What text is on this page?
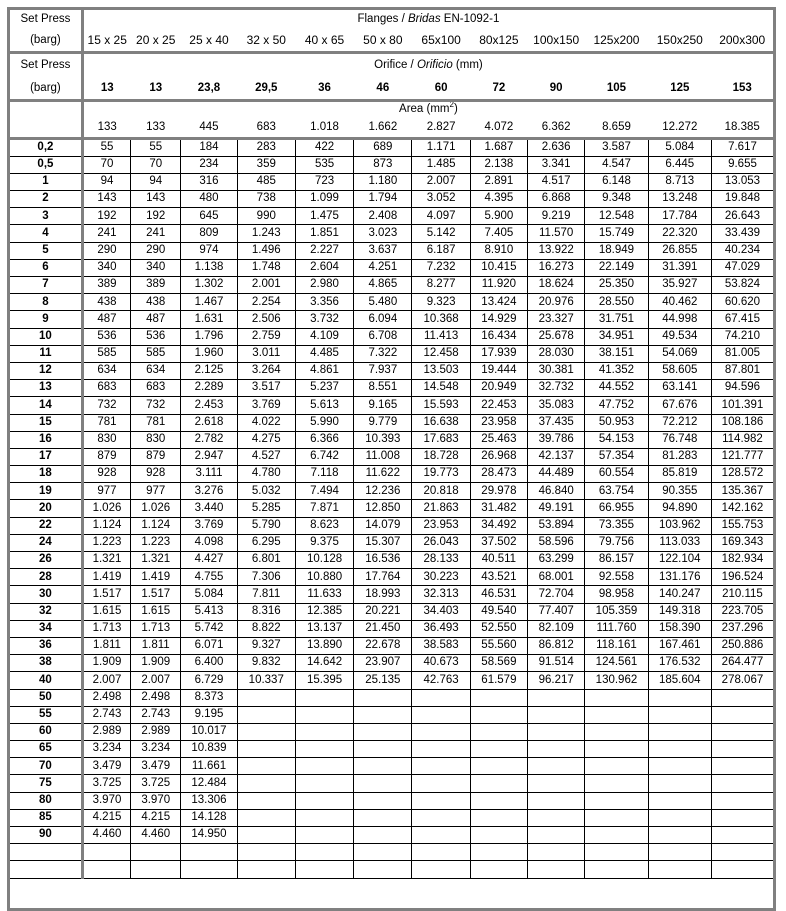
Set Press	Flanges / Bridas EN-1092-1											
(barg)	15 x 25	20 x 25	25 x 40	32 x 50	40 x 65	50 x 80	65x100	80x125	100x150	125x200	150x250	200x300
Set Press	Orifice / Orificio (mm)											
(barg)	13	13	23,8	29,5	36	46	60	72	90	105	125	153
	Area $(mm^2)$											
	133	133	445	683	1.018	1.662	2.827	4.072	6.362	8.659	12.272	18.385
0,2	55	55	184	283	422	689	1.171	1.687	2.636	3.587	5.084	7.617
0,5	70	70	234	359	535	873	1.485	2.138	3.341	4.547	6.445	9.655
1	94	94	316	485	723	1.180	2.007	2.891	4.517	6.148	8.713	13.053
2	143	143	480	738	1.099	1.794	3.052	4.395	6.868	9.348	13.248	19.848
3	192	192	645	990	1.475	2.408	4.097	5.900	9.219	12.548	17.784	26.643
4	241	241	809	1.243	1.851	3.023	5.142	7.405	11.570	15.749	22.320	33.439
5	290	290	974	1.496	2.227	3.637	6.187	8.910	13.922	18.949	26.855	40.234
6	340	340	1.138	1.748	2.604	4.251	7.232	10.415	16.273	22.149	31.391	47.029
7	389	389	1.302	2.001	2.980	4.865	8.277	11.920	18.624	25.350	35.927	53.824
8	438	438	1.467	2.254	3.356	5.480	9.323	13.424	20.976	28.550	40.462	60.620
9	487	487	1.631	2.506	3.732	6.094	10.368	14.929	23.327	31.751	44.998	67.415
10	536	536	1.796	2.759	4.109	6.708	11.413	16.434	25.678	34.951	49.534	74.210
11	585	585	1.960	3.011	4.485	7.322	12.458	17.939	28.030	38.151	54.069	81.005
12	634	634	2.125	3.264	4.861	7.937	13.503	19.444	30.381	41.352	58.605	87.801
13	683	683	2.289	3.517	5.237	8.551	14.548	20.949	32.732	44.552	63.141	94.596
14	732	732	2.453	3.769	5.613	9.165	15.593	22.453	35.083	47.752	67.676	101.391
15	781	781	2.618	4.022	5.990	9.779	16.638	23.958	37.435	50.953	72.212	108.186
16	830	830	2.782	4.275	6.366	10.393	17.683	25.463	39.786	54.153	76.748	114.982
17	879	879	2.947	4.527	6.742	11.008	18.728	26.968	42.137	57.354	81.283	121.777
18	928	928	3.111	4.780	7.118	11.622	19.773	28.473	44.489	60.554	85.819	128.572
19	977	977	3.276	5.032	7.494	12.236	20.818	29.978	46.840	63.754	90.355	135.367
20	1.026	1.026	3.440	5.285	7.871	12.850	21.863	31.482	49.191	66.955	94.890	142.162
22	1.124	1.124	3.769	5.790	8.623	14.079	23.953	34.492	53.894	73.355	103.962	155.753
24	1.223	1.223	4.098	6.295	9.375	15.307	26.043	37.502	58.596	79.756	113.033	169.343
26	1.321	1.321	4.427	6.801	10.128	16.536	28.133	40.511	63.299	86.157	122.104	182.934
28	1.419	1.419	4.755	7.306	10.880	17.764	30.223	43.521	68.001	92.558	131.176	196.524
30	1.517	1.517	5.084	7.811	11.633	18.993	32.313	46.531	72.704	98.958	140.247	210.115
32	1.615	1.615	5.413	8.316	12.385	20.221	34.403	49.540	77.407	105.359	149.318	223.705
34	1.713	1.713	5.742	8.822	13.137	21.450	36.493	52.550	82.109	111.760	158.390	237.296
36	1.811	1.811	6.071	9.327	13.890	22.678	38.583	55.560	86.812	118.161	167.461	250.886
38	1.909	1.909	6.400	9.832	14.642	23.907	40.673	58.569	91.514	124.561	176.532	264.477
40	2.007	2.007	6.729	10.337	15.395	25.135	42.763	61.579	96.217	130.962	185.604	278.067
50	2.498	2.498	8.373									
55	2.743	2.743	9.195									
60	2.989	2.989	10.017									
65	3.234	3.234	10.839									
70	3.479	3.479	11.661									
75	3.725	3.725	12.484									
80	3.970	3.970	13.306									
85	4.215	4.215	14.128									
90	4.460	4.460	14.950									
